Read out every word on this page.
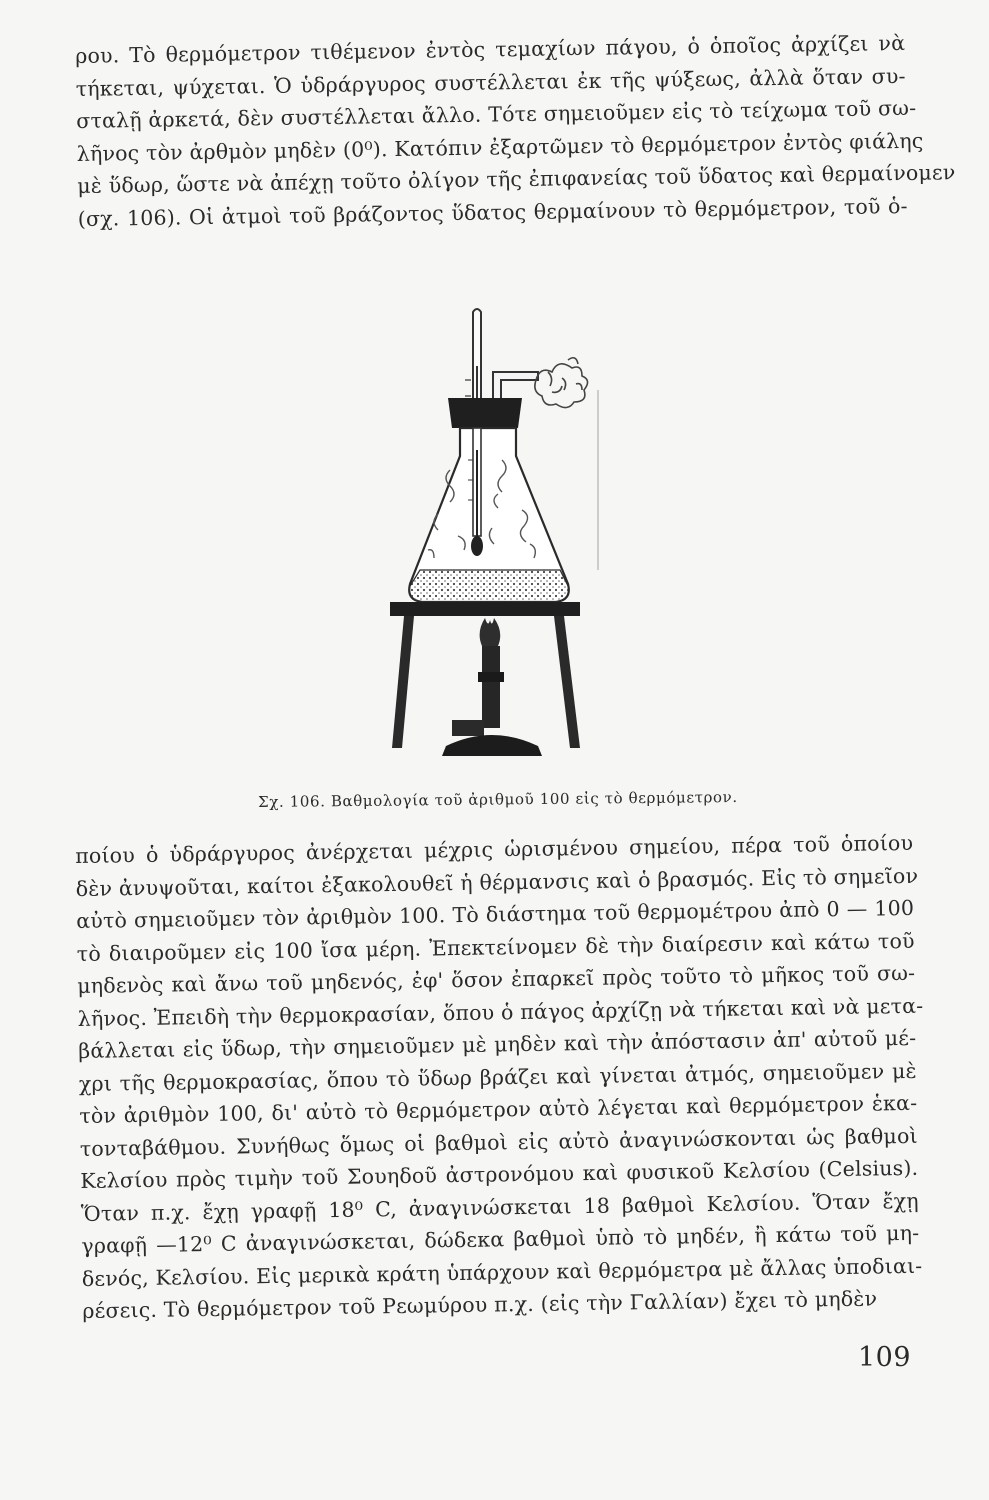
ρου. Τὸ θερμόμετρον τιθέμενον ἐντὸς τεμαχίων πάγου, ὁ ὁποῖος ἀρχίζει νὰ
τήκεται, ψύχεται. Ὁ ὑδράργυρος συστέλλεται ἐκ τῆς ψύξεως, ἀλλὰ ὅταν συ-
σταλῇ ἀρκετά, δὲν συστέλλεται ἄλλο. Τότε σημειοῦμεν εἰς τὸ τείχωμα τοῦ σω-
λῆνος τὸν ἀρθμὸν μηδὲν (0⁰). Κατόπιν ἐξαρτῶμεν τὸ θερμόμετρον ἐντὸς φιάλης
μὲ ὕδωρ, ὥστε νὰ ἀπέχῃ τοῦτο ὀλίγον τῆς ἐπιφανείας τοῦ ὕδατος καὶ θερμαίνομεν
(σχ. 106). Οἱ ἀτμοὶ τοῦ βράζοντος ὕδατος θερμαίνουν τὸ θερμόμετρον, τοῦ ὁ-

Σχ. 106. Βαθμολογία τοῦ ἀριθμοῦ 100 εἰς τὸ θερμόμετρον.

ποίου ὁ ὑδράργυρος ἀνέρχεται μέχρις ὡρισμένου σημείου, πέρα τοῦ ὁποίου
δὲν ἀνυψοῦται, καίτοι ἐξακολουθεῖ ἡ θέρμανσις καὶ ὁ βρασμός. Εἰς τὸ σημεῖον
αὐτὸ σημειοῦμεν τὸν ἀριθμὸν 100. Τὸ διάστημα τοῦ θερμομέτρου ἀπὸ 0 — 100
τὸ διαιροῦμεν εἰς 100 ἴσα μέρη. Ἐπεκτείνομεν δὲ τὴν διαίρεσιν καὶ κάτω τοῦ
μηδενὸς καὶ ἄνω τοῦ μηδενός, ἐφ' ὅσον ἐπαρκεῖ πρὸς τοῦτο τὸ μῆκος τοῦ σω-
λῆνος. Ἐπειδὴ τὴν θερμοκρασίαν, ὅπου ὁ πάγος ἀρχίζῃ νὰ τήκεται καὶ νὰ μετα-
βάλλεται εἰς ὕδωρ, τὴν σημειοῦμεν μὲ μηδὲν καὶ τὴν ἀπόστασιν ἀπ' αὐτοῦ μέ-
χρι τῆς θερμοκρασίας, ὅπου τὸ ὕδωρ βράζει καὶ γίνεται ἀτμός, σημειοῦμεν μὲ
τὸν ἀριθμὸν 100, δι' αὐτὸ τὸ θερμόμετρον αὐτὸ λέγεται καὶ θερμόμετρον ἑκα-
τονταβάθμου. Συνήθως ὅμως οἱ βαθμοὶ εἰς αὐτὸ ἀναγινώσκονται ὡς βαθμοὶ
Κελσίου πρὸς τιμὴν τοῦ Σουηδοῦ ἀστρονόμου καὶ φυσικοῦ Κελσίου (Celsius).
Ὅταν π.χ. ἔχῃ γραφῇ 18⁰ C, ἀναγινώσκεται 18 βαθμοὶ Κελσίου. Ὅταν ἔχῃ
γραφῇ —12⁰ C ἀναγινώσκεται, δώδεκα βαθμοὶ ὑπὸ τὸ μηδέν, ἢ κάτω τοῦ μη-
δενός, Κελσίου. Εἰς μερικὰ κράτη ὑπάρχουν καὶ θερμόμετρα μὲ ἄλλας ὑποδιαι-
ρέσεις. Τὸ θερμόμετρον τοῦ Ρεωμύρου π.χ. (εἰς τὴν Γαλλίαν) ἔχει τὸ μηδὲν

109
